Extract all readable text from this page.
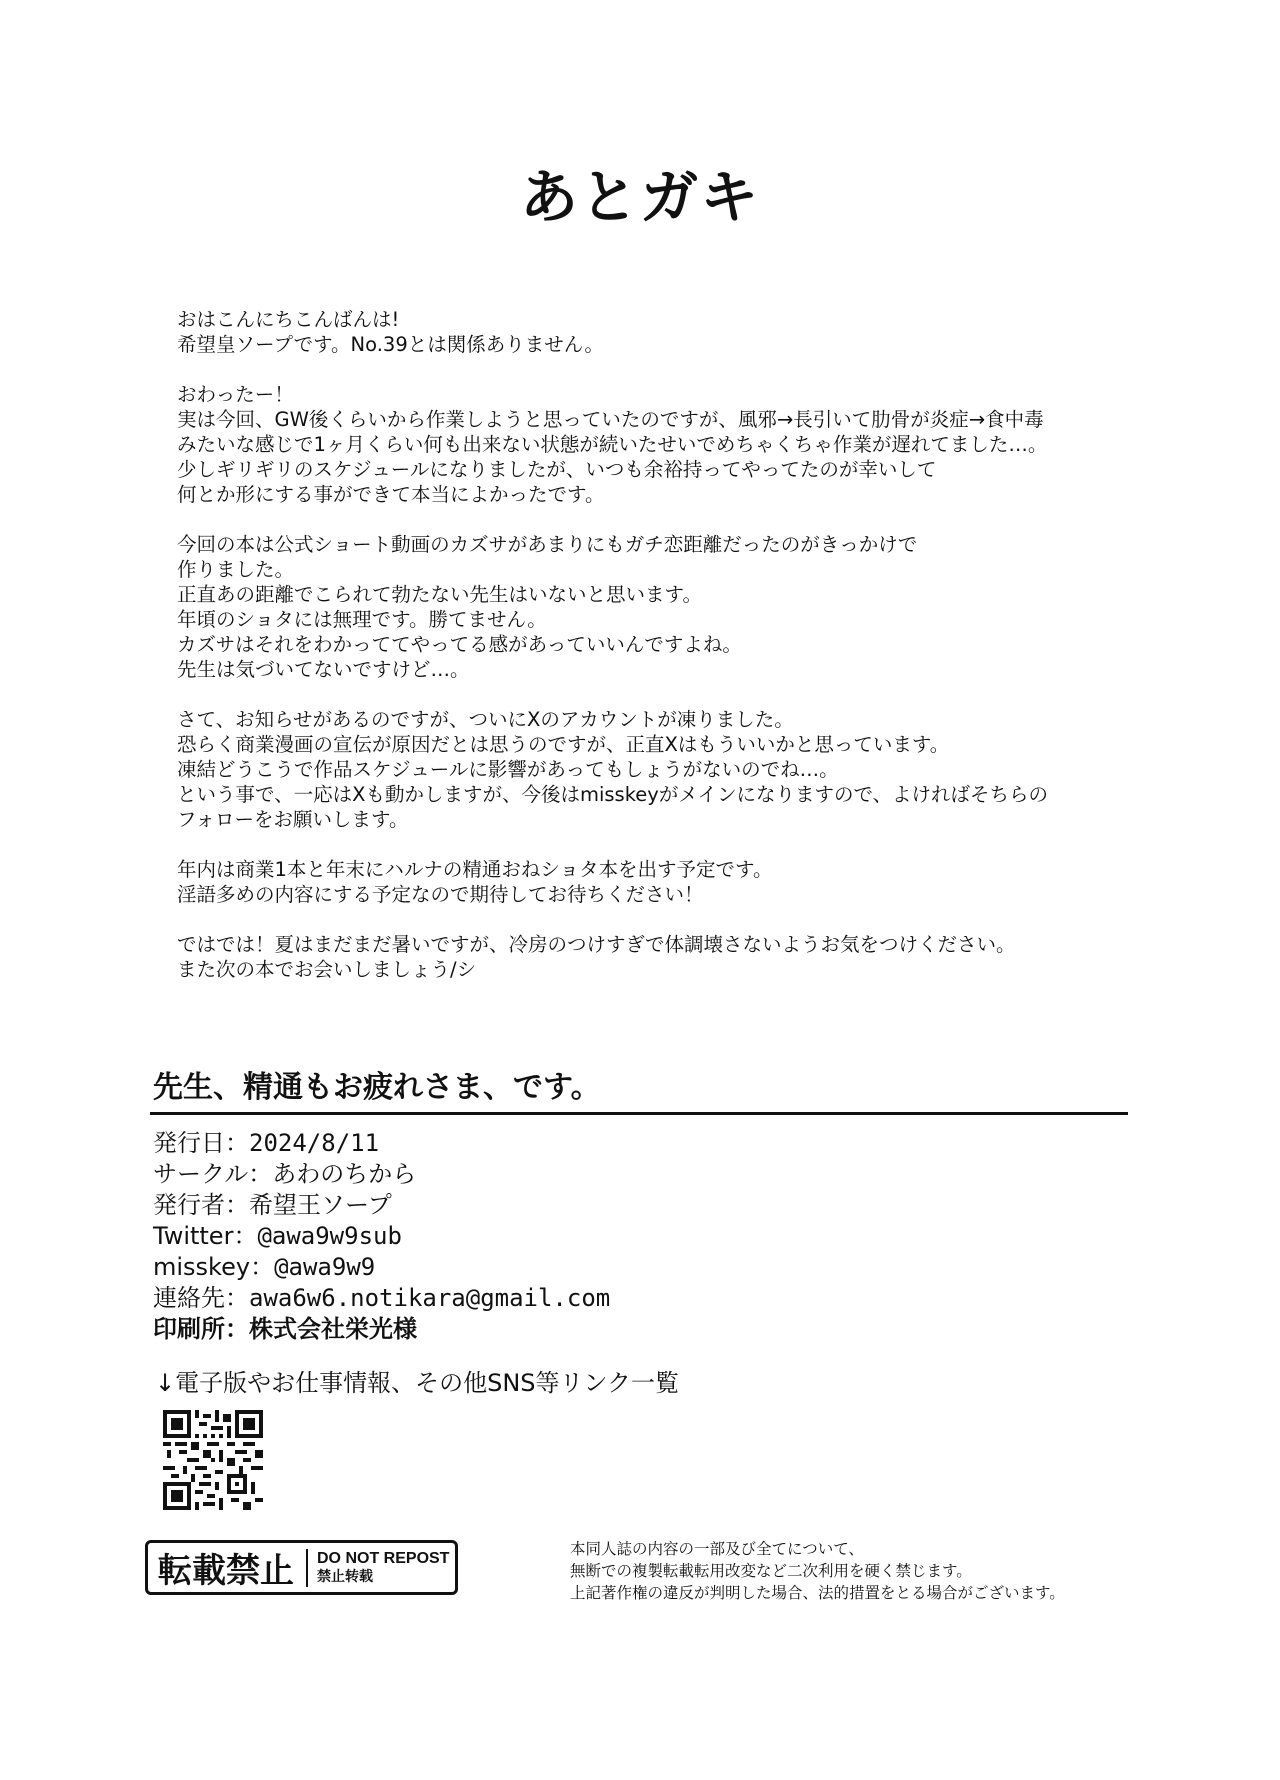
あとガキ

おはこんにちこんばんは!
希望皇ソープです。No.39とは関係ありません。

おわったー！
実は今回、GW後くらいから作業しようと思っていたのですが、風邪→長引いて肋骨が炎症→食中毒
みたいな感じで1ヶ月くらい何も出来ない状態が続いたせいでめちゃくちゃ作業が遅れてました…。
少しギリギリのスケジュールになりましたが、いつも余裕持ってやってたのが幸いして
何とか形にする事ができて本当によかったです。

今回の本は公式ショート動画のカズサがあまりにもガチ恋距離だったのがきっかけで
作りました。
正直あの距離でこられて勃たない先生はいないと思います。
年頃のショタには無理です。勝てません。
カズサはそれをわかっててやってる感があっていいんですよね。
先生は気づいてないですけど…。

さて、お知らせがあるのですが、ついにXのアカウントが凍りました。
恐らく商業漫画の宣伝が原因だとは思うのですが、正直Xはもういいかと思っています。
凍結どうこうで作品スケジュールに影響があってもしょうがないのでね…。
という事で、一応はXも動かしますが、今後はmisskeyがメインになりますので、よければそちらの
フォローをお願いします。

年内は商業1本と年末にハルナの精通おねショタ本を出す予定です。
淫語多めの内容にする予定なので期待してお待ちください！

ではでは！夏はまだまだ暑いですが、冷房のつけすぎで体調壊さないようお気をつけください。
また次の本でお会いしましょう/シ

先生、精通もお疲れさま、です。
発行日：2024/8/11
サークル：あわのちから
発行者：希望王ソープ
Twitter：@awa9w9sub
misskey：@awa9w9
連絡先：awa6w6.notikara@gmail.com
印刷所：株式会社栄光様
↓電子版やお仕事情報、その他SNS等リンク一覧
転載禁止	DO NOT REPOST
禁止转载
本同人誌の内容の一部及び全てについて、
無断での複製転載転用改変など二次利用を硬く禁じます。
上記著作権の違反が判明した場合、法的措置をとる場合がございます。
